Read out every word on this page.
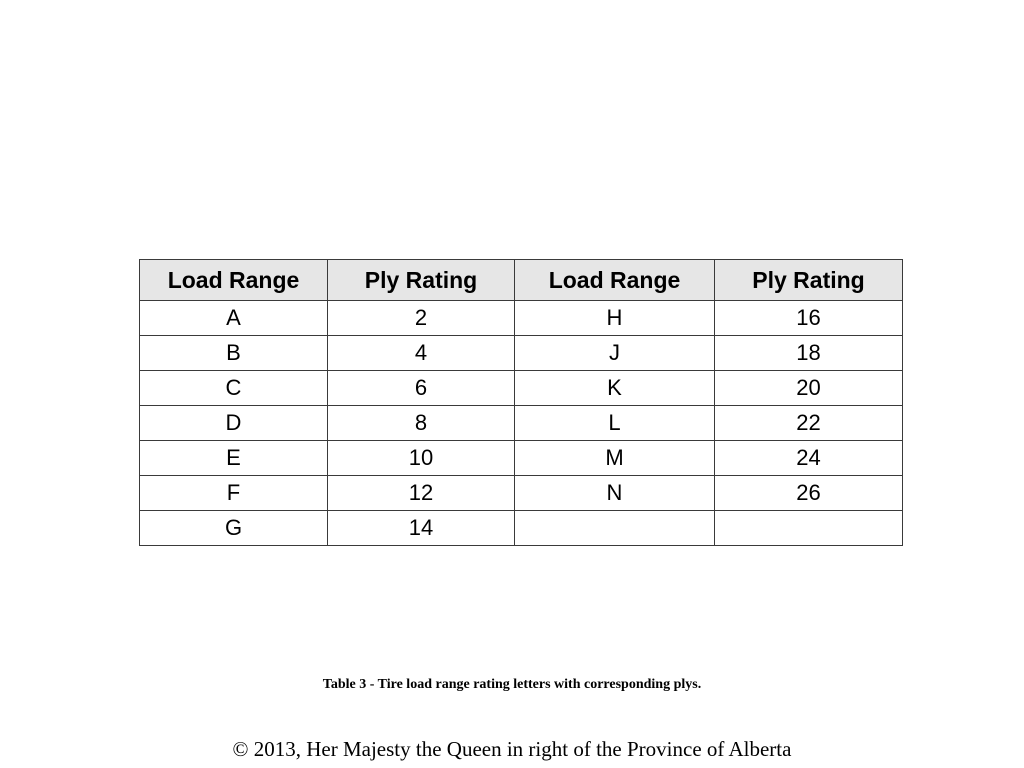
Load Range	Ply Rating	Load Range	Ply Rating
A	2	H	16
B	4	J	18
C	6	K	20
D	8	L	22
E	10	M	24
F	12	N	26
G	14		
Table 3 - Tire load range rating letters with corresponding plys.
© 2013, Her Majesty the Queen in right of the Province of Alberta
